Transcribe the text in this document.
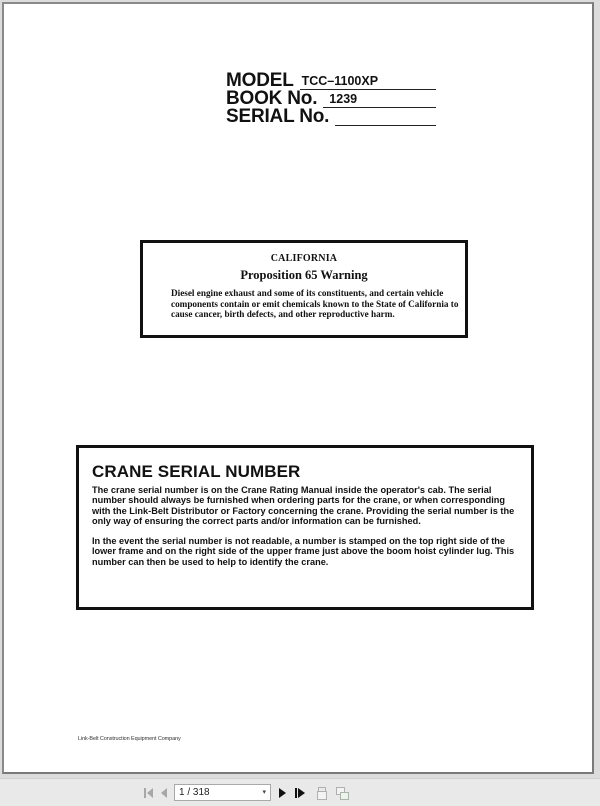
MODEL TCC–1100XP
BOOK No. 1239
SERIAL No.
CALIFORNIA
Proposition 65 Warning
Diesel engine exhaust and some of its constituents, and certain vehicle components contain or emit chemicals known to the State of California to cause cancer, birth defects, and other reproductive harm.
CRANE SERIAL NUMBER
The crane serial number is on the Crane Rating Manual inside the operator's cab. The serial number should always be furnished when ordering parts for the crane, or when corresponding with the Link-Belt Distributor or Factory concerning the crane. Providing the serial number is the only way of ensuring the correct parts and/or information can be furnished.
In the event the serial number is not readable, a number is stamped on the top right side of the lower frame and on the right side of the upper frame just above the boom hoist cylinder lug. This number can then be used to help to identify the crane.
Link-Belt Construction Equipment Company
1 / 318	▾
